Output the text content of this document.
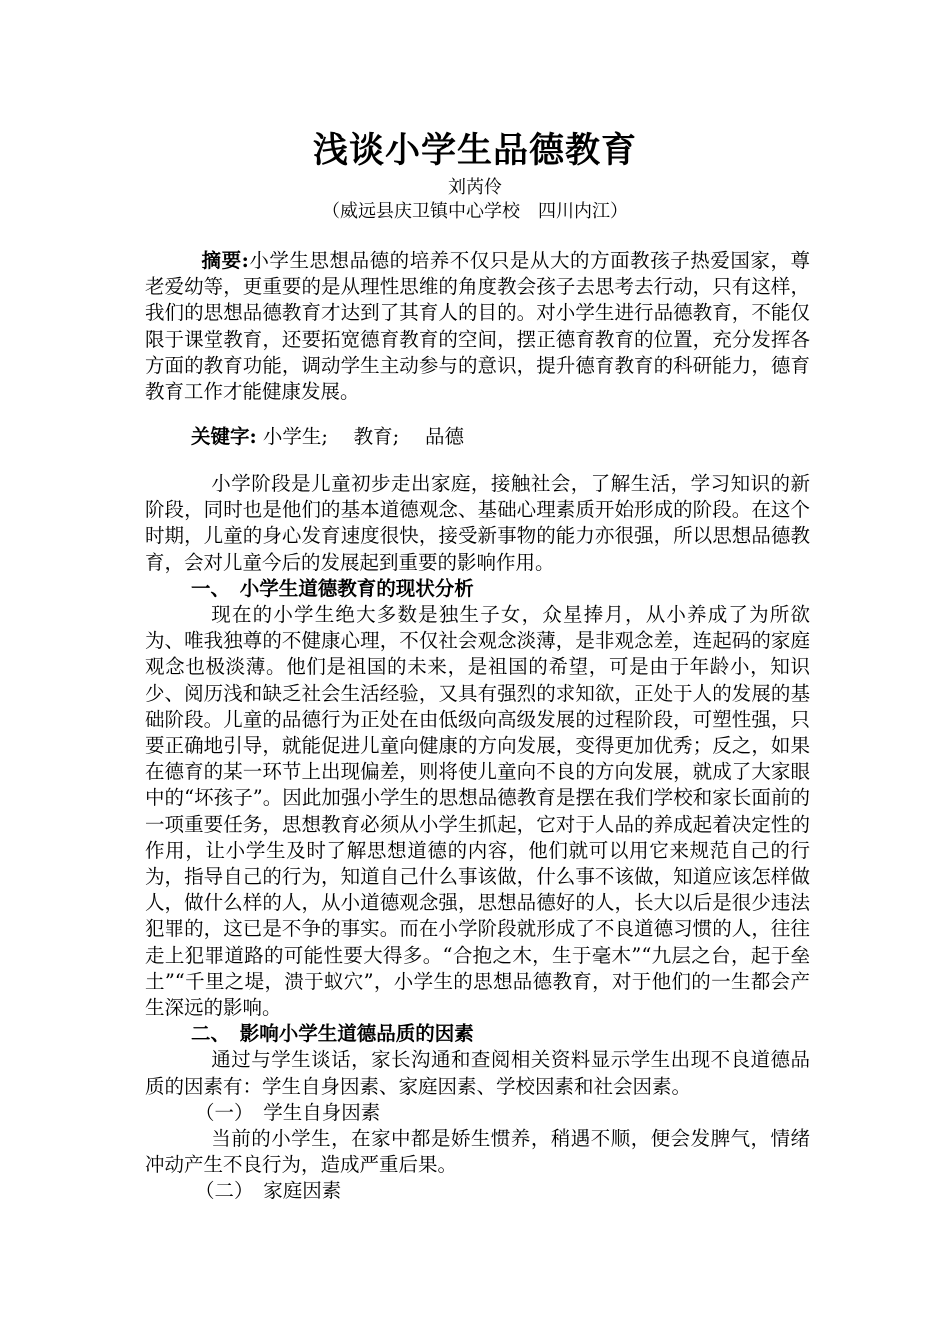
浅谈小学生品德教育
刘芮伶
（威远县庆卫镇中心学校　四川内江）

摘要:小学生思想品德的培养不仅只是从大的方面教孩子热爱国家，尊老爱幼等，更重要的是从理性思维的角度教会孩子去思考去行动，只有这样，我们的思想品德教育才达到了其育人的目的。对小学生进行品德教育，不能仅限于课堂教育，还要拓宽德育教育的空间，摆正德育教育的位置，充分发挥各方面的教育功能，调动学生主动参与的意识，提升德育教育的科研能力，德育教育工作才能健康发展。

关键字: 小学生;　 教育;　 品德

小学阶段是儿童初步走出家庭，接触社会，了解生活，学习知识的新阶段，同时也是他们的基本道德观念、基础心理素质开始形成的阶段。在这个时期，儿童的身心发育速度很快，接受新事物的能力亦很强，所以思想品德教育，会对儿童今后的发展起到重要的影响作用。

一、　小学生道德教育的现状分析

现在的小学生绝大多数是独生子女，众星捧月，从小养成了为所欲为、唯我独尊的不健康心理，不仅社会观念淡薄，是非观念差，连起码的家庭观念也极淡薄。他们是祖国的未来，是祖国的希望，可是由于年龄小，知识少、阅历浅和缺乏社会生活经验，又具有强烈的求知欲，正处于人的发展的基础阶段。儿童的品德行为正处在由低级向高级发展的过程阶段，可塑性强，只要正确地引导，就能促进儿童向健康的方向发展，变得更加优秀；反之，如果在德育的某一环节上出现偏差，则将使儿童向不良的方向发展，就成了大家眼中的“坏孩子”。因此加强小学生的思想品德教育是摆在我们学校和家长面前的一项重要任务，思想教育必须从小学生抓起，它对于人品的养成起着决定性的作用，让小学生及时了解思想道德的内容，他们就可以用它来规范自己的行为，指导自己的行为，知道自己什么事该做，什么事不该做，知道应该怎样做人，做什么样的人，从小道德观念强，思想品德好的人，长大以后是很少违法犯罪的，这已是不争的事实。而在小学阶段就形成了不良道德习惯的人，往往走上犯罪道路的可能性要大得多。“合抱之木，生于毫木”“九层之台，起于垒土”“千里之堤，溃于蚁穴”，小学生的思想品德教育，对于他们的一生都会产生深远的影响。

二、　影响小学生道德品质的因素

通过与学生谈话，家长沟通和查阅相关资料显示学生出现不良道德品质的因素有：学生自身因素、家庭因素、学校因素和社会因素。

（一）　学生自身因素

当前的小学生，在家中都是娇生惯养，稍遇不顺，便会发脾气，情绪冲动产生不良行为，造成严重后果。

（二）　家庭因素
